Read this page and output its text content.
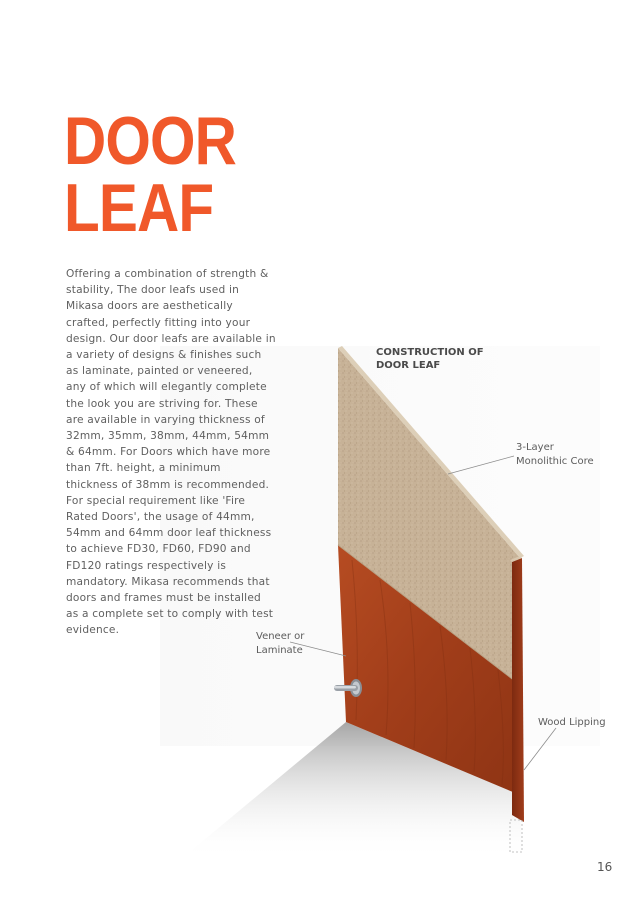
DOOR
LEAF

Offering a combination of strength & stability, The door leafs used in Mikasa doors are aesthetically crafted, perfectly fitting into your design. Our door leafs are available in a variety of designs & finishes such as laminate, painted or veneered, any of which will elegantly complete the look you are striving for. These are available in varying thickness of 32mm, 35mm, 38mm, 44mm, 54mm & 64mm. For Doors which have more than 7ft. height, a minimum thickness of 38mm is recommended. For special requirement like 'Fire Rated Doors', the usage of 44mm, 54mm and 64mm door leaf thickness to achieve FD30, FD60, FD90 and FD120 ratings respectively is mandatory. Mikasa recommends that doors and frames must be installed as a complete set to comply with test evidence.

CONSTRUCTION OF
DOOR LEAF
3-Layer
Monolithic Core
Veneer or
Laminate
Wood Lipping
16
